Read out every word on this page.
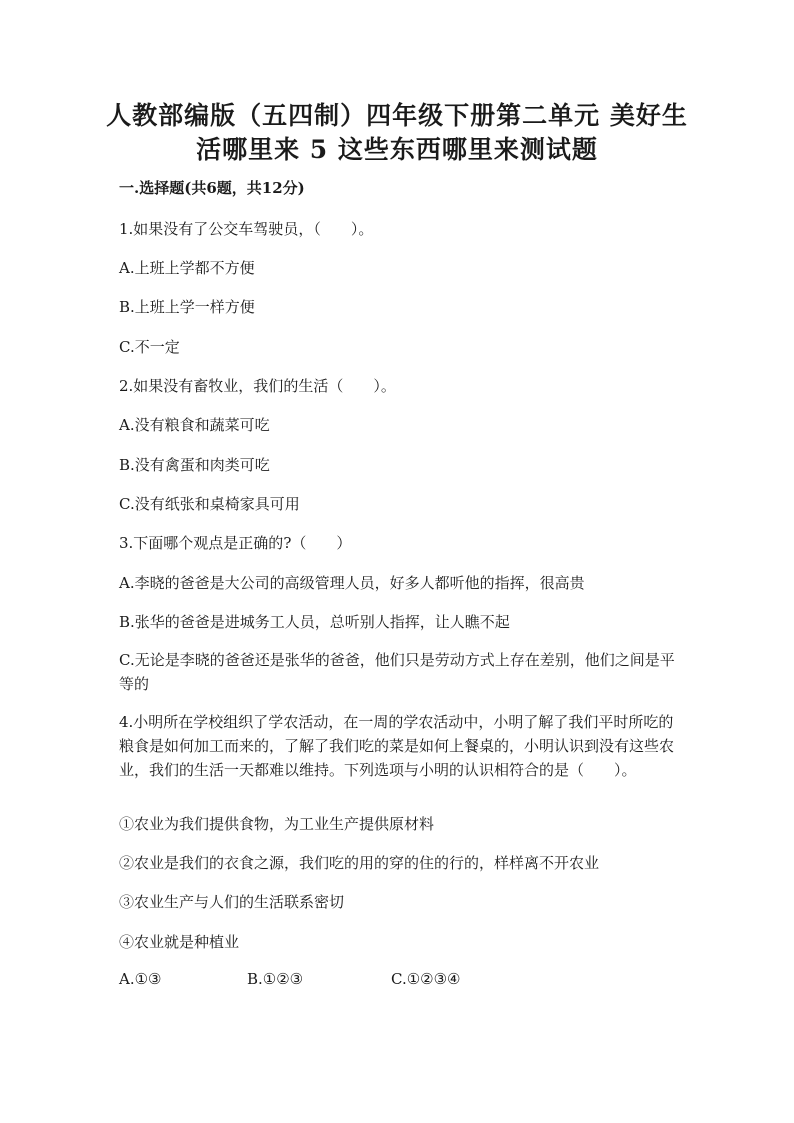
人教部编版（五四制）四年级下册第二单元 美好生
活哪里来 5 这些东西哪里来测试题
一.选择题(共6题，共12分)
1.如果没有了公交车驾驶员，（　　）。
A.上班上学都不方便
B.上班上学一样方便
C.不一定
2.如果没有畜牧业，我们的生活（　　）。
A.没有粮食和蔬菜可吃
B.没有禽蛋和肉类可吃
C.没有纸张和桌椅家具可用
3.下面哪个观点是正确的?（　　）
A.李晓的爸爸是大公司的高级管理人员，好多人都听他的指挥，很高贵
B.张华的爸爸是进城务工人员，总听别人指挥，让人瞧不起
C.无论是李晓的爸爸还是张华的爸爸，他们只是劳动方式上存在差别，他们之间是平等的
4.小明所在学校组织了学农活动，在一周的学农活动中，小明了解了我们平时所吃的粮食是如何加工而来的，了解了我们吃的菜是如何上餐桌的，小明认识到没有这些农业，我们的生活一天都难以维持。下列选项与小明的认识相符合的是（　　）。
①农业为我们提供食物，为工业生产提供原材料
②农业是我们的衣食之源，我们吃的用的穿的住的行的，样样离不开农业
③农业生产与人们的生活联系密切
④农业就是种植业
A.①③	B.①②③	C.①②③④
